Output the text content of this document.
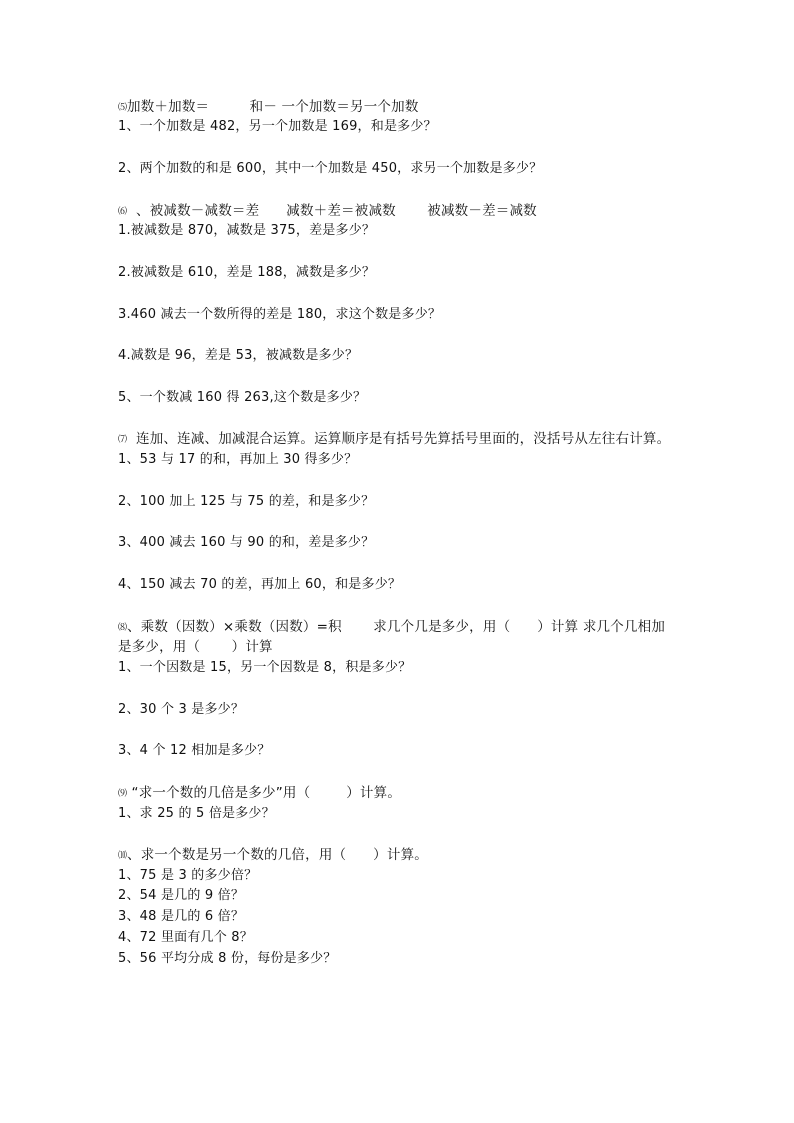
⑸加数＋加数＝         和－ 一个加数＝另一个加数
1、一个加数是 482，另一个加数是 169，和是多少？
2、两个加数的和是 600，其中一个加数是 450，求另一个加数是多少？
⑹  、被减数－减数＝差      减数＋差＝被减数       被减数－差＝减数
1.被减数是 870，减数是 375，差是多少？
2.被减数是 610，差是 188，减数是多少？
3.460 减去一个数所得的差是 180，求这个数是多少？
4.减数是 96，差是 53，被减数是多少？
5、一个数减 160 得 263,这个数是多少？
⑺  连加、连减、加减混合运算。运算顺序是有括号先算括号里面的，没括号从左往右计算。
1、53 与 17 的和，再加上 30 得多少？
2、100 加上 125 与 75 的差，和是多少？
3、400 减去 160 与 90 的和，差是多少？
4、150 减去 70 的差，再加上 60，和是多少？
⑻、乘数（因数）×乘数（因数）=积       求几个几是多少，用（      ）计算 求几个几相加
是多少，用（       ）计算
1、一个因数是 15，另一个因数是 8，积是多少？
2、30 个 3 是多少？
3、4 个 12 相加是多少？
⑼ “求一个数的几倍是多少”用（        ）计算。
1、求 25 的 5 倍是多少？
⑽、求一个数是另一个数的几倍，用（      ）计算。
1、75 是 3 的多少倍？
2、54 是几的 9 倍？
3、48 是几的 6 倍？
4、72 里面有几个 8？
5、56 平均分成 8 份，每份是多少？
